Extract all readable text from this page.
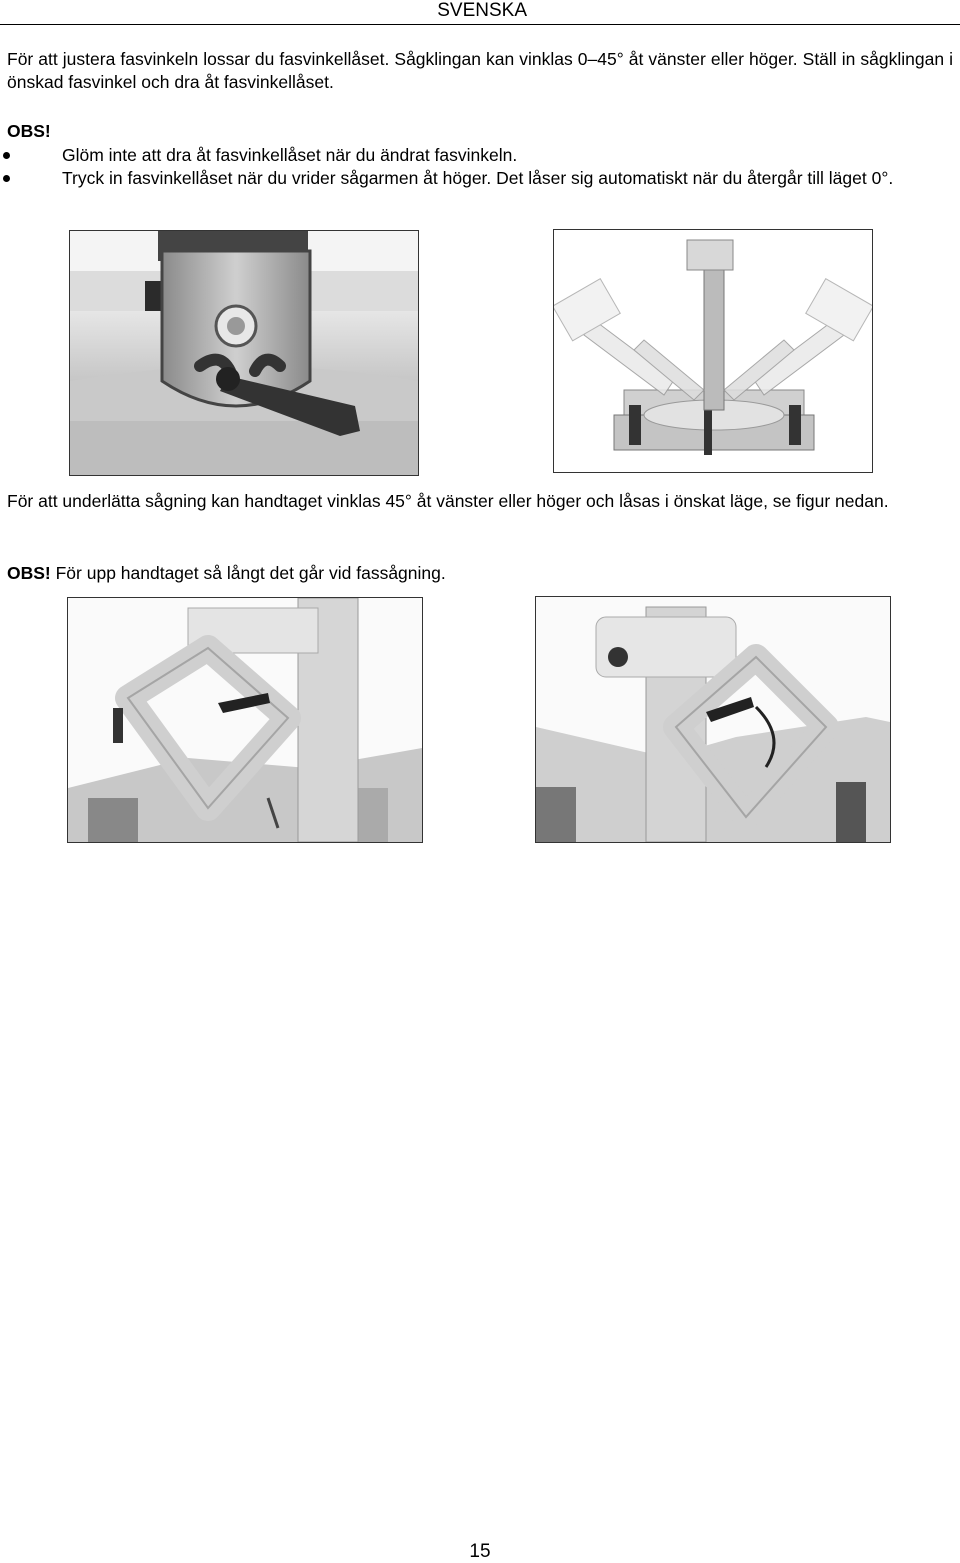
SVENSKA
För att justera fasvinkeln lossar du fasvinkellåset. Sågklingan kan vinklas 0–45° åt vänster eller höger. Ställ in sågklingan i önskad fasvinkel och dra åt fasvinkellåset.
OBS!
Glöm inte att dra åt fasvinkellåset när du ändrat fasvinkeln.
Tryck in fasvinkellåset när du vrider sågarmen åt höger. Det låser sig automatiskt när du återgår till läget 0°.
För att underlätta sågning kan handtaget vinklas 45° åt vänster eller höger och låsas i önskat läge, se figur nedan.
OBS! För upp handtaget så långt det går vid fassågning.
15
